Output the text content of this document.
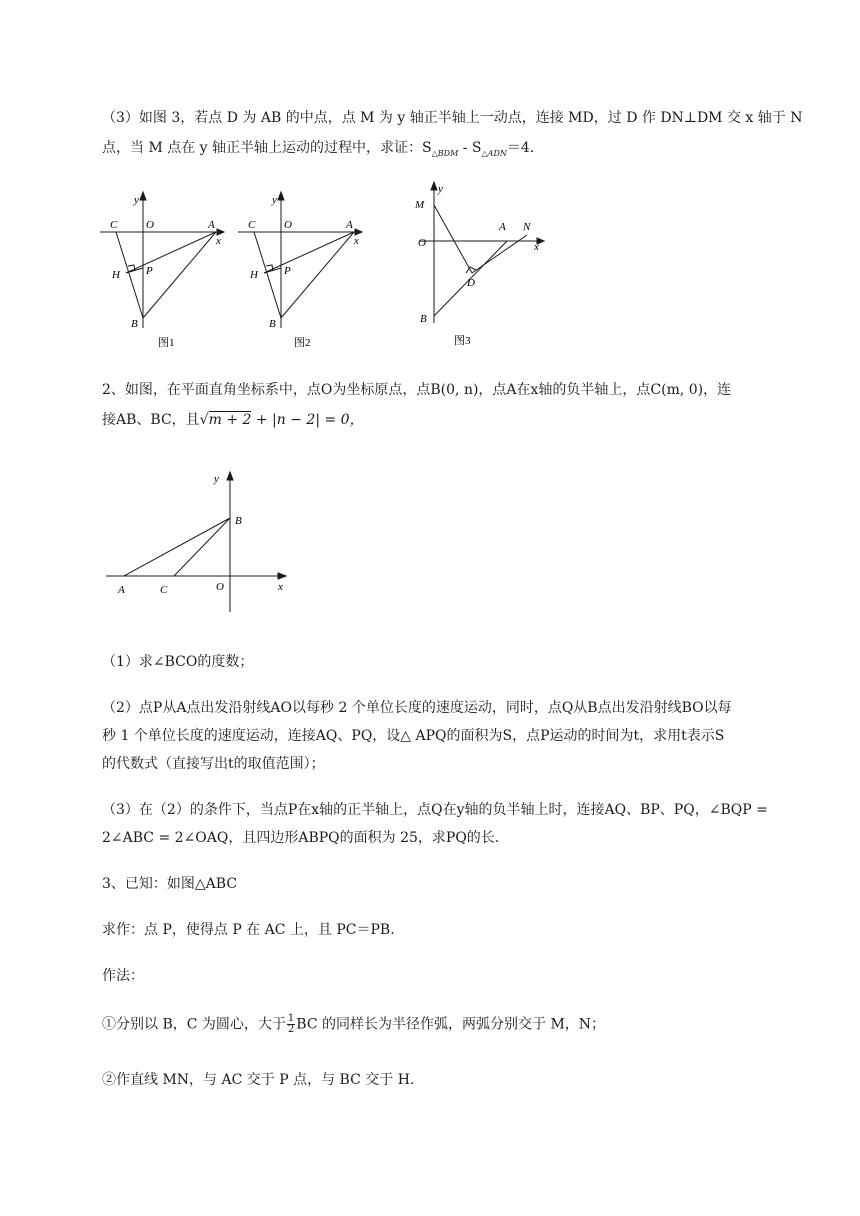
（3）如图 3，若点 D 为 AB 的中点，点 M 为 y 轴正半轴上一动点，连接 MD，过 D 作 DN⊥DM 交 x 轴于 N
点，当 M 点在 y 轴正半轴上运动的过程中，求证：$S_{\triangle BDM} - S_{\triangle ADN}=4$.
C
y
O	A
x
H P
B
图1
C
y
O	A
x
H P
B
图2
y
M
O
A N
x
D
B
图3
2、如图，在平面直角坐标系中，点O为坐标原点，点B(0, n)，点A在x轴的负半轴上，点C(m, 0)，连
接AB、BC，且√m + 2 + |n − 2| = 0，
y
B
A	C	O	x
（1）求∠BCO的度数；
（2）点P从A点出发沿射线AO以每秒 2 个单位长度的速度运动，同时，点Q从B点出发沿射线BO以每
秒 1 个单位长度的速度运动，连接AQ、PQ，设△ APQ的面积为S，点P运动的时间为t，求用t表示S
的代数式（直接写出t的取值范围）；
（3）在（2）的条件下，当点P在x轴的正半轴上，点Q在y轴的负半轴上时，连接AQ、BP、PQ，∠BQP =
2∠ABC = 2∠OAQ，且四边形ABPQ的面积为 25，求PQ的长.
3、已知：如图△ABC
求作：点 P，使得点 P 在 AC 上，且 PC＝PB.
作法：
①分别以 B，C 为圆心，大于 $\frac{1}{2}$ BC 的同样长为半径作弧，两弧分别交于 M，N；
②作直线 MN，与 AC 交于 P 点，与 BC 交于 H.
